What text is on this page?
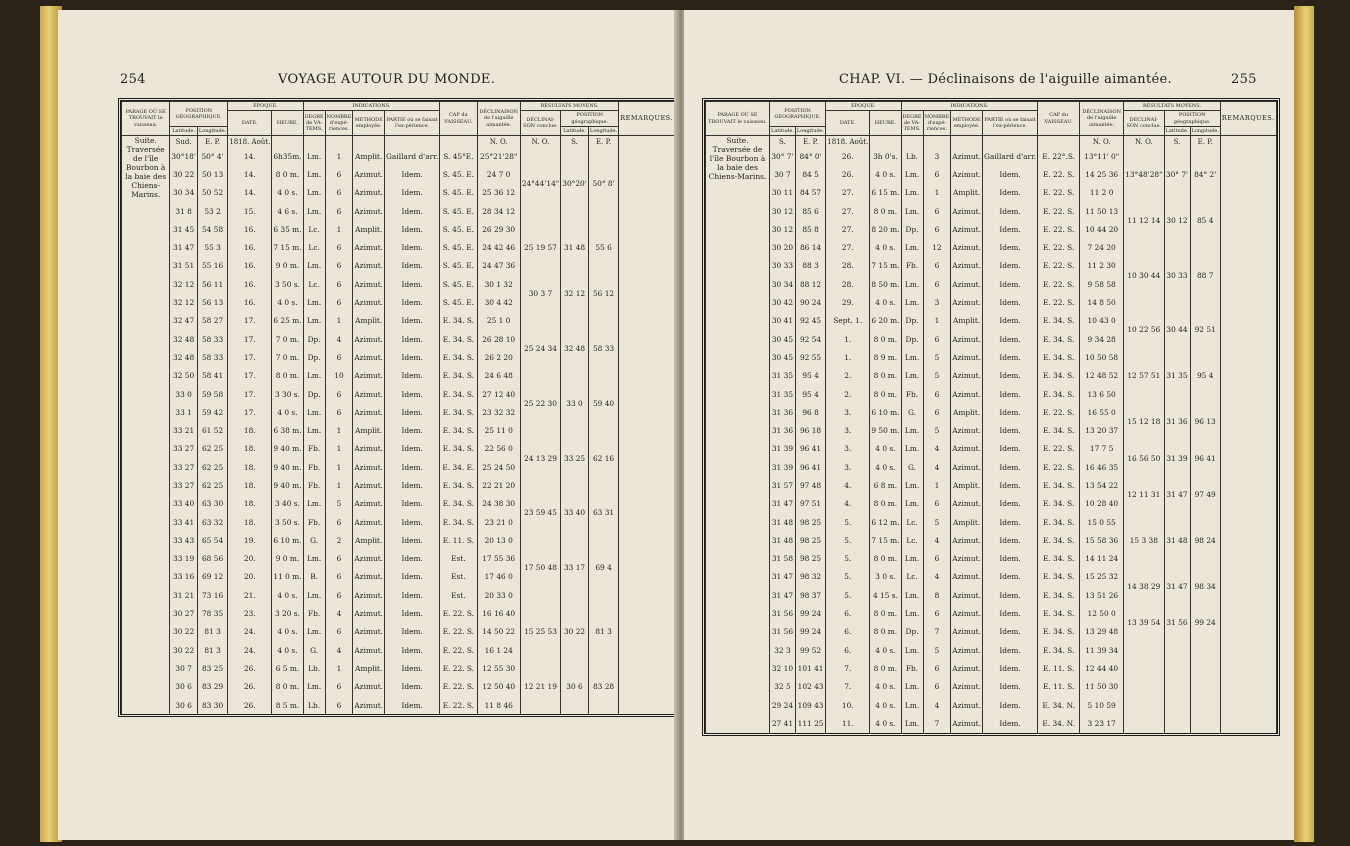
254	VOYAGE AUTOUR DU MONDE.
PARAGE OÙ SE TROUVAIT le vaisseau.	POSITION GÉOGRAPHIQUE.		ÉPOQUE.		INDICATIONS.				CAP du VAISSEAU.	DÉCLINAISON de l'aiguille aimantée.	RÉSULTATS MOYENS.			REMARQUES.
			DATE.	HEURE.	DEGRÉ de VA-TEMS.	NOMBRE d'expé-riences.	MÉTHODE employée.	PARTIE où se faisait l'ex-périence.			DÉCLINAI-SON conclue.	POSITION géographique.		
	Latitude.	Longitude.										Latitude.	Longitude.	
Suite. Traversée de l'île Bourbon à la baie des Chiens-Marins.	Sud.	E. P.	1818. Août.							N. O.	N. O.	S.	E. P.	
	30°18'	50° 4'	14.	6h35m.	Lm.	1	Amplit.	Gaillard d'arr.	S. 45°E.	25°21'28"	24°44'14"	30°20'	50° 8'	
	30 22	50 13	14.	8 0 m.	Lm.	6	Azimut.	Idem.	S. 45. E.	24 7 0				
	30 34	50 52	14.	4 0 s.	Lm.	6	Azimut.	Idem.	S. 45. E.	25 36 12				
	31 8	53 2	15.	4 6 s.	Lm.	6	Azimut.	Idem.	S. 45. E.	28 34 12				
	31 45	54 58	16.	6 35 m.	Lc.	1	Amplit.	Idem.	S. 45. E.	26 29 30	25 19 57	31 48	55 6	
	31 47	55 3	16.	7 15 m.	Lc.	6	Azimut.	Idem.	S. 45. E.	24 42 46				
	31 51	55 16	16.	9 0 m.	Lm.	6	Azimut.	Idem.	S. 45. E.	24 47 36				
	32 12	56 11	16.	3 50 s.	Lc.	6	Azimut.	Idem.	S. 45. E.	30 1 32	30 3 7	32 12	56 12	
	32 12	56 13	16.	4 0 s.	Lm.	6	Azimut.	Idem.	S. 45. E.	30 4 42				
	32 47	58 27	17.	6 25 m.	Lm.	1	Amplit.	Idem.	E. 34. S.	25 1 0	25 24 34	32 48	58 33	
	32 48	58 33	17.	7 0 m.	Dp.	4	Azimut.	Idem.	E. 34. S.	26 28 10				
	32 48	58 33	17.	7 0 m.	Dp.	6	Azimut.	Idem.	E. 34. S.	26 2 20				
	32 50	58 41	17.	8 0 m.	Lm.	10	Azimut.	Idem.	E. 34. S.	24 6 48				
	33 0	59 58	17.	3 30 s.	Dp.	6	Azimut.	Idem.	E. 34. S.	27 12 40	25 22 30	33 0	59 40	
	33 1	59 42	17.	4 0 s.	Lm.	6	Azimut.	Idem.	E. 34. S.	23 32 32				
	33 21	61 52	18.	6 38 m.	Lm.	1	Amplit.	Idem.	E. 34. S.	25 11 0	24 13 29	33 25	62 16	
	33 27	62 25	18.	9 40 m.	Fb.	1	Azimut.	Idem.	E. 34. S.	22 56 0				
	33 27	62 25	18.	9 40 m.	Fb.	1	Azimut.	Idem.	E. 34. E.	25 24 50				
	33 27	62 25	18.	9 40 m.	Fb.	1	Azimut.	Idem.	E. 34. S.	22 21 20				
	33 40	63 30	18.	3 40 s.	Lm.	5	Azimut.	Idem.	E. 34. S.	24 38 30	23 59 45	33 40	63 31	
	33 41	63 32	18.	3 50 s.	Fb.	6	Azimut.	Idem.	E. 34. S.	23 21 0				
	33 43	65 54	19.	6 10 m.	G.	2	Amplit.	Idem.	E. 11. S.	20 13 0	17 50 48	33 17	69 4	
	33 19	68 56	20.	9 0 m.	Lm.	6	Azimut.	Idem.	Est.	17 55 36				
	33 16	69 12	20.	11 0 m.	B.	6	Azimut.	Idem.	Est.	17 46 0				
	31 21	73 16	21.	4 0 s.	Lm.	6	Azimut.	Idem.	Est.	20 33 0				
	30 27	78 35	23.	3 20 s.	Fb.	4	Azimut.	Idem.	E. 22. S.	16 16 40	15 25 53	30 22	81 3	
	30 22	81 3	24.	4 0 s.	Lm.	6	Azimut.	Idem.	E. 22. S.	14 50 22				
	30 22	81 3	24.	4 0 s.	G.	4	Azimut.	Idem.	E. 22. S.	16 1 24				
	30 7	83 25	26.	6 5 m.	Lb.	1	Amplit.	Idem.	E. 22. S.	12 55 30	12 21 19	30 6	83 28	
	30 6	83 29	26.	8 0 m.	Lm.	6	Azimut.	Idem.	E. 22. S.	12 50 40				
	30 6	83 30	26.	8 5 m.	Lb.	6	Azimut.	Idem.	E. 22. S.	11 8 46				
CHAP. VI. — Déclinaisons de l'aiguille aimantée.	255
PARAGE OÙ SE TROUVAIT le vaisseau.	POSITION GÉOGRAPHIQUE.		ÉPOQUE.		INDICATIONS.				CAP du VAISSEAU.	DÉCLINAISON de l'aiguille aimantée.	RÉSULTATS MOYENS.			REMARQUES.
			DATE.	HEURE.	DEGRÉ de VA-TEMS.	NOMBRE d'expé-riences.	MÉTHODE employée.	PARTIE où se faisait l'ex-périence.			DÉCLINAI-SON conclue.	POSITION géographique.		
	Latitude.	Longitude.										Latitude.	Longitude.	
Suite. Traversée de l'île Bourbon à la baie des Chiens-Marins.	S.	E. P.	1818. Août.							N. O.	N. O.	S.	E. P.	
	30° 7'	84° 0'	26.	3h 0's.	Lb.	3	Azimut.	Gaillard d'arr.	E. 22°.S.	13°11' 0"	13°48'28"	30° 7'	84° 2'	
	30 7	84 5	26.	4 0 s.	Lm.	6	Azimut.	Idem.	E. 22. S.	14 25 36				
	30 11	84 57	27.	6 15 m.	Lm.	1	Amplit.	Idem.	E. 22. S.	11 2 0				
	30 12	85 6	27.	8 0 m.	Lm.	6	Azimut.	Idem.	E. 22. S.	11 50 13	11 12 14	30 12	85 4	
	30 12	85 8	27.	8 20 m.	Dp.	6	Azimut.	Idem.	E. 22. S.	10 44 20				
	30 20	86 14	27.	4 0 s.	Lm.	12	Azimut.	Idem.	E. 22. S.	7 24 20	10 30 44	30 33	88 7	
	30 33	88 3	28.	7 15 m.	Fb.	6	Azimut.	Idem.	E. 22. S.	11 2 30				
	30 34	88 12	28.	8 50 m.	Lm.	6	Azimut.	Idem.	E. 22. S.	9 58 58				
	30 42	90 24	29.	4 0 s.	Lm.	3	Azimut.	Idem.	E. 22. S.	14 8 50				
	30 41	92 45	Sept. 1.	6 20 m.	Dp.	1	Amplit.	Idem.	E. 34. S.	10 43 0	10 22 56	30 44	92 51	
	30 45	92 54	1.	8 0 m.	Dp.	6	Azimut.	Idem.	E. 34. S.	9 34 28				
	30 45	92 55	1.	8 9 m.	Lm.	5	Azimut.	Idem.	E. 34. S.	10 50 58	12 57 51	31 35	95 4	
	31 35	95 4	2.	8 0 m.	Lm.	5	Azimut.	Idem.	E. 34. S.	12 48 52				
	31 35	95 4	2.	8 0 m.	Fb.	6	Azimut.	Idem.	E. 34. S.	13 6 50				
	31 36	96 8	3.	6 10 m.	G.	6	Amplit.	Idem.	E. 22. S.	16 55 0	15 12 18	31 36	96 13	
	31 36	96 18	3.	9 50 m.	Lm.	5	Azimut.	Idem.	E. 34. S.	13 20 37				
	31 39	96 41	3.	4 0 s.	Lm.	4	Azimut.	Idem.	E. 22. S.	17 7 5	16 56 50	31 39	96 41	
	31 39	96 41	3.	4 0 s.	G.	4	Azimut.	Idem.	E. 22. S.	16 46 35				
	31 57	97 48	4.	6 8 m.	Lm.	1	Amplit.	Idem.	E. 34. S.	13 54 22	12 11 31	31 47	97 49	
	31 47	97 51	4.	8 0 m.	Lm.	6	Azimut.	Idem.	E. 34. S.	10 28 40				
	31 48	98 25	5.	6 12 m.	Lc.	5	Amplit.	Idem.	E. 34. S.	15 0 55	15 3 38	31 48	98 24	
	31 48	98 25	5.	7 15 m.	Lc.	4	Azimut.	Idem.	E. 34. S.	15 58 36				
	31 58	98 25	5.	8 0 m.	Lm.	6	Azimut.	Idem.	E. 34. S.	14 11 24				
	31 47	98 32	5.	3 0 s.	Lc.	4	Azimut.	Idem.	E. 34. S.	15 25 32	14 38 29	31 47	98 34	
	31 47	98 37	5.	4 15 s.	Lm.	8	Azimut.	Idem.	E. 34. S.	13 51 26				
	31 56	99 24	6.	8 0 m.	Lm.	6	Azimut.	Idem.	E. 34. S.	12 50 0	13 39 54	31 56	99 24	
	31 56	99 24	6.	8 0 m.	Dp.	7	Azimut.	Idem.	E. 34. S.	13 29 48				
	32 3	99 52	6.	4 0 s.	Lm.	5	Azimut.	Idem.	E. 34. S.	11 39 34				
	32 10	101 41	7.	8 0 m.	Fb.	6	Azimut.	Idem.	E. 11. S.	12 44 40				
	32 5	102 43	7.	4 0 s.	Lm.	6	Azimut.	Idem.	E. 11. S.	11 50 30				
	29 24	109 43	10.	4 0 s.	Lm.	4	Azimut.	Idem.	E. 34. N.	5 10 59				
	27 41	111 25	11.	4 0 s.	Lm.	7	Azimut.	Idem.	E. 34. N.	3 23 17				
